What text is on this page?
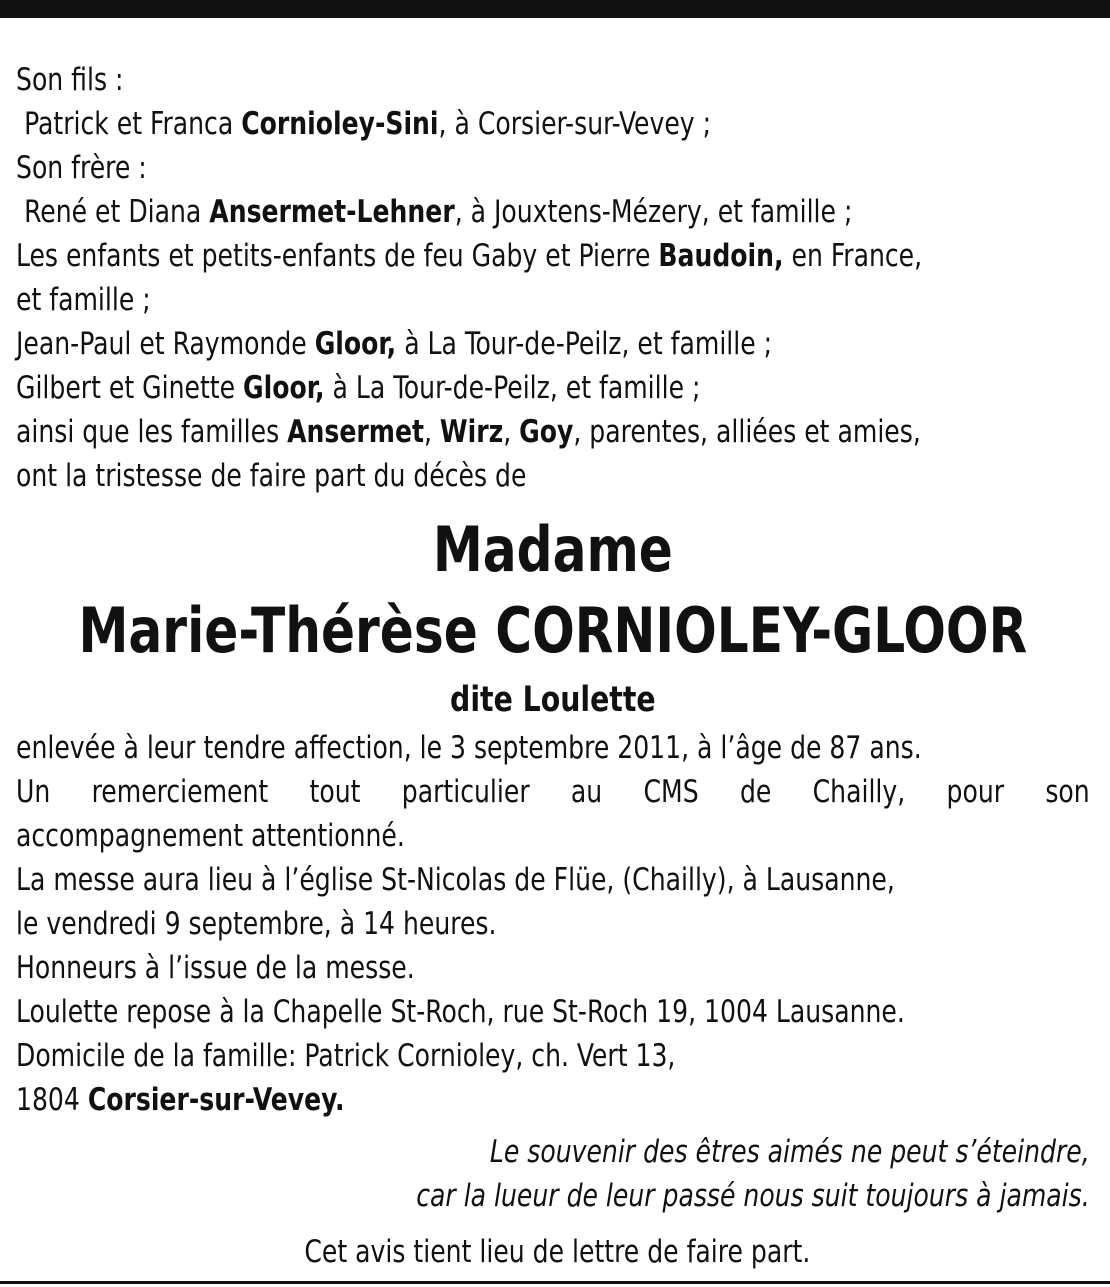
Son fils :
Patrick et Franca Cornioley-Sini, à Corsier-sur-Vevey ;
Son frère :
René et Diana Ansermet-Lehner, à Jouxtens-Mézery, et famille ;
Les enfants et petits-enfants de feu Gaby et Pierre Baudoin, en France,
et famille ;
Jean-Paul et Raymonde Gloor, à La Tour-de-Peilz, et famille ;
Gilbert et Ginette Gloor, à La Tour-de-Peilz, et famille ;
ainsi que les familles Ansermet, Wirz, Goy, parentes, alliées et amies,
ont la tristesse de faire part du décès de
Madame
Marie-Thérèse CORNIOLEY-GLOOR
dite Loulette
enlevée à leur tendre affection, le 3 septembre 2011, à l’âge de 87 ans.
Un remerciement tout particulier au CMS de Chailly, pour son
accompagnement attentionné.
La messe aura lieu à l’église St-Nicolas de Flüe, (Chailly), à Lausanne,
le vendredi 9 septembre, à 14 heures.
Honneurs à l’issue de la messe.
Loulette repose à la Chapelle St-Roch, rue St-Roch 19, 1004 Lausanne.
Domicile de la famille: Patrick Cornioley, ch. Vert 13,
1804 Corsier-sur-Vevey.
Le souvenir des êtres aimés ne peut s’éteindre,
car la lueur de leur passé nous suit toujours à jamais.
Cet avis tient lieu de lettre de faire part.
